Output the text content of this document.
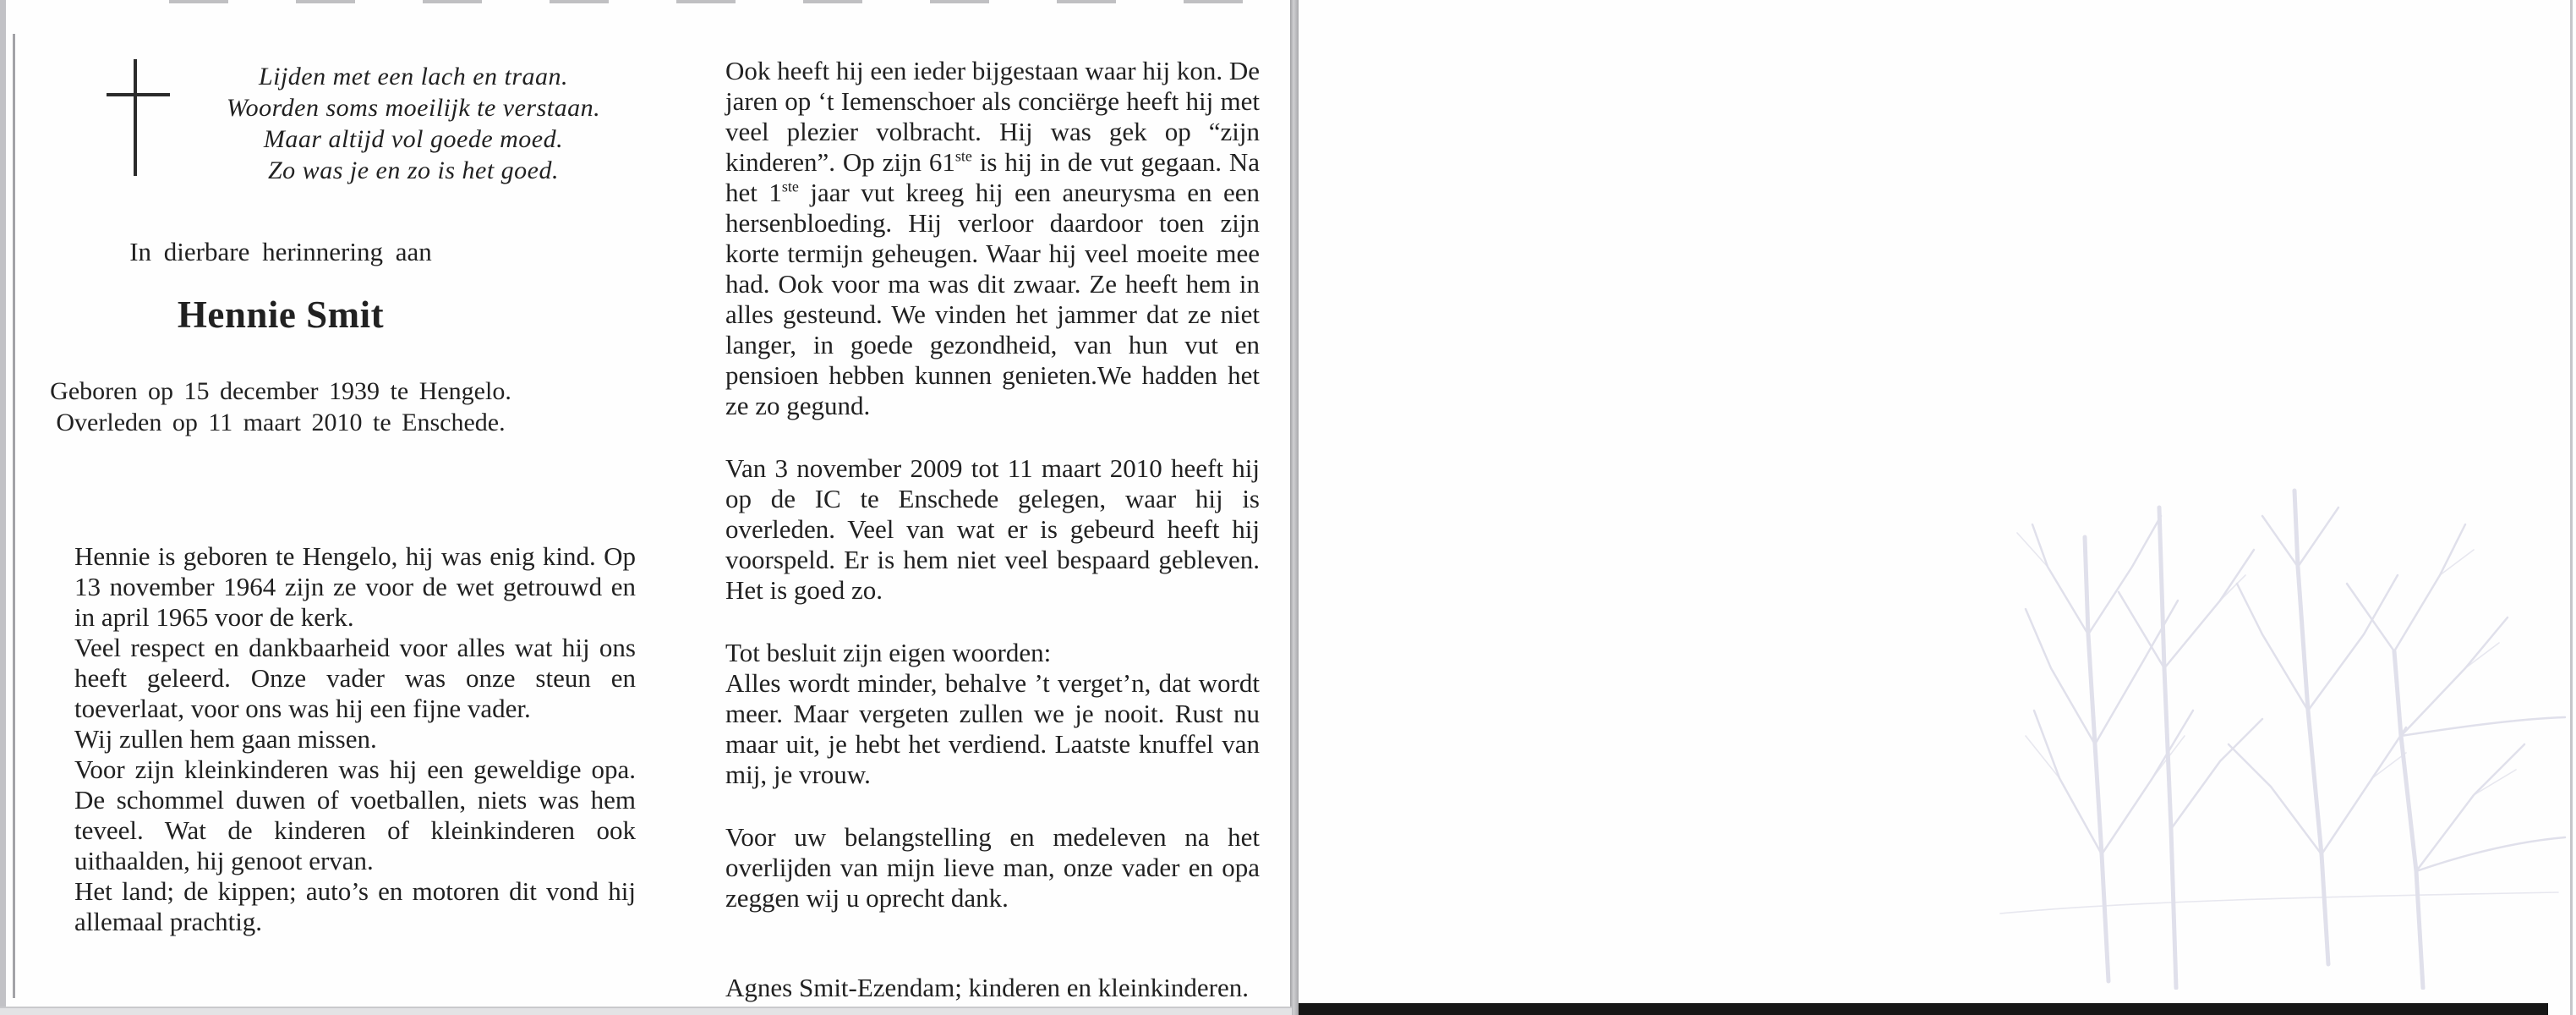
Lijden met een lach en traan.
Woorden soms moeilijk te verstaan.
Maar altijd vol goede moed.
Zo was je en zo is het goed.
In dierbare herinnering aan
Hennie Smit
Geboren op 15 december 1939 te Hengelo.
Overleden op 11 maart 2010 te Enschede.

Hennie is geboren te Hengelo, hij was enig kind. Op 13 november 1964 zijn ze voor de wet getrouwd en in april 1965 voor de kerk.

Veel respect en dankbaarheid voor alles wat hij ons heeft geleerd. Onze vader was onze steun en toeverlaat, voor ons was hij een fijne vader.

Wij zullen hem gaan missen.

Voor zijn kleinkinderen was hij een geweldige opa. De schommel duwen of voetballen, niets was hem teveel. Wat de kinderen of kleinkinderen ook uithaalden, hij genoot ervan.

Het land; de kippen; auto’s en motoren dit vond hij allemaal prachtig.

Ook heeft hij een ieder bijgestaan waar hij kon. De jaren op ‘t Iemenschoer als conciërge heeft hij met veel plezier volbracht. Hij was gek op “zijn kinderen”. Op zijn 61ste is hij in de vut gegaan. Na het 1ste jaar vut kreeg hij een aneurysma en een hersenbloeding. Hij verloor daardoor toen zijn korte termijn geheugen. Waar hij veel moeite mee had. Ook voor ma was dit zwaar. Ze heeft hem in alles gesteund. We vinden het jammer dat ze niet langer, in goede gezondheid, van hun vut en pensioen hebben kunnen genieten.We hadden het ze zo gegund.

Van 3 november 2009 tot 11 maart 2010 heeft hij op de IC te Enschede gelegen, waar hij is overleden. Veel van wat er is gebeurd heeft hij voorspeld. Er is hem niet veel bespaard gebleven. Het is goed zo.

Tot besluit zijn eigen woorden:
Alles wordt minder, behalve ’t verget’n, dat wordt meer. Maar vergeten zullen we je nooit. Rust nu maar uit, je hebt het verdiend. Laatste knuffel van mij, je vrouw.

Voor uw belangstelling en medeleven na het overlijden van mijn lieve man, onze vader en opa zeggen wij u oprecht dank.

Agnes Smit-Ezendam; kinderen en kleinkinderen.
